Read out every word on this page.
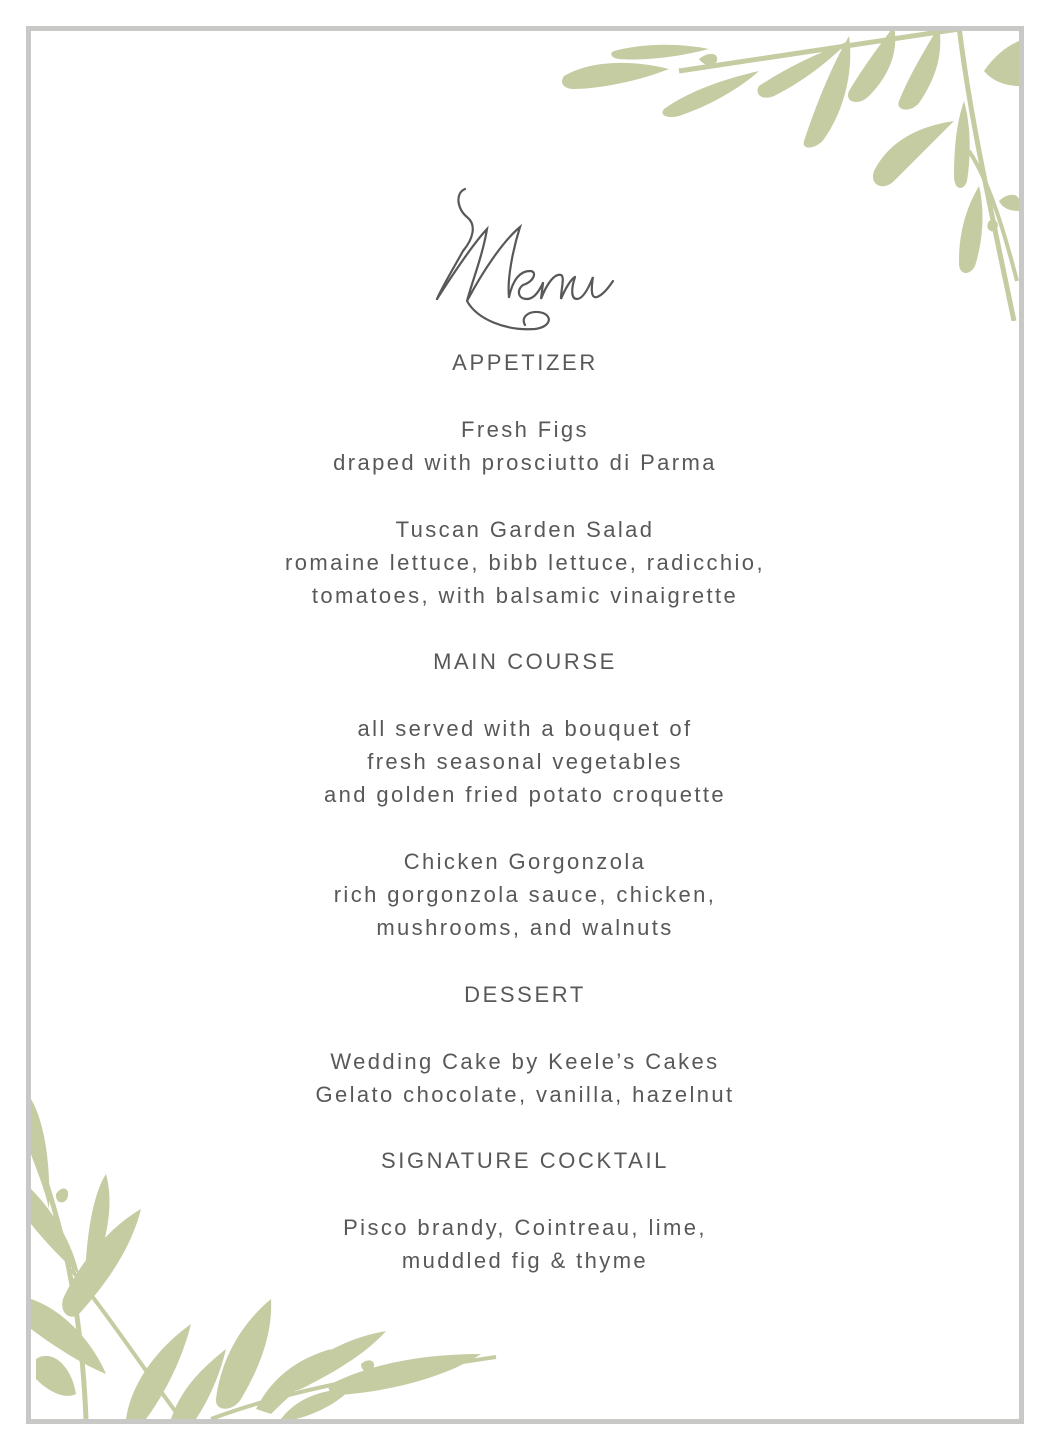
APPETIZER
Fresh Figs
draped with prosciutto di Parma
Tuscan Garden Salad
romaine lettuce, bibb lettuce, radicchio,
tomatoes, with balsamic vinaigrette
MAIN COURSE
all served with a bouquet of
fresh seasonal vegetables
and golden fried potato croquette
Chicken Gorgonzola
rich gorgonzola sauce, chicken,
mushrooms, and walnuts
DESSERT
Wedding Cake by Keele’s Cakes
Gelato chocolate, vanilla, hazelnut
SIGNATURE COCKTAIL
Pisco brandy, Cointreau, lime,
muddled fig & thyme
